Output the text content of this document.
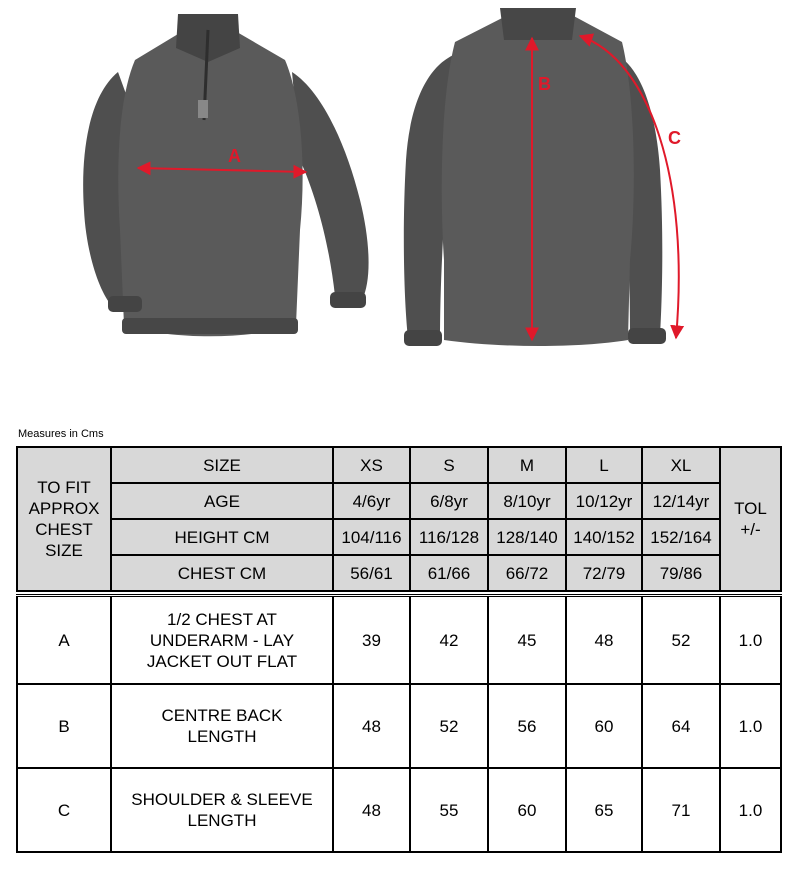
A
B
C
Measures in Cms
TO FIT
APPROX
CHEST
SIZE	SIZE	XS	S	M	L	XL	TOL
+/-
	AGE	4/6yr	6/8yr	8/10yr	10/12yr	12/14yr	
	HEIGHT CM	104/116	116/128	128/140	140/152	152/164	
	CHEST CM	56/61	61/66	66/72	72/79	79/86	

A	1/2 CHEST AT
UNDERARM - LAY
JACKET OUT FLAT	39	42	45	48	52	1.0
B	CENTRE BACK
LENGTH	48	52	56	60	64	1.0
C	SHOULDER & SLEEVE
LENGTH	48	55	60	65	71	1.0
